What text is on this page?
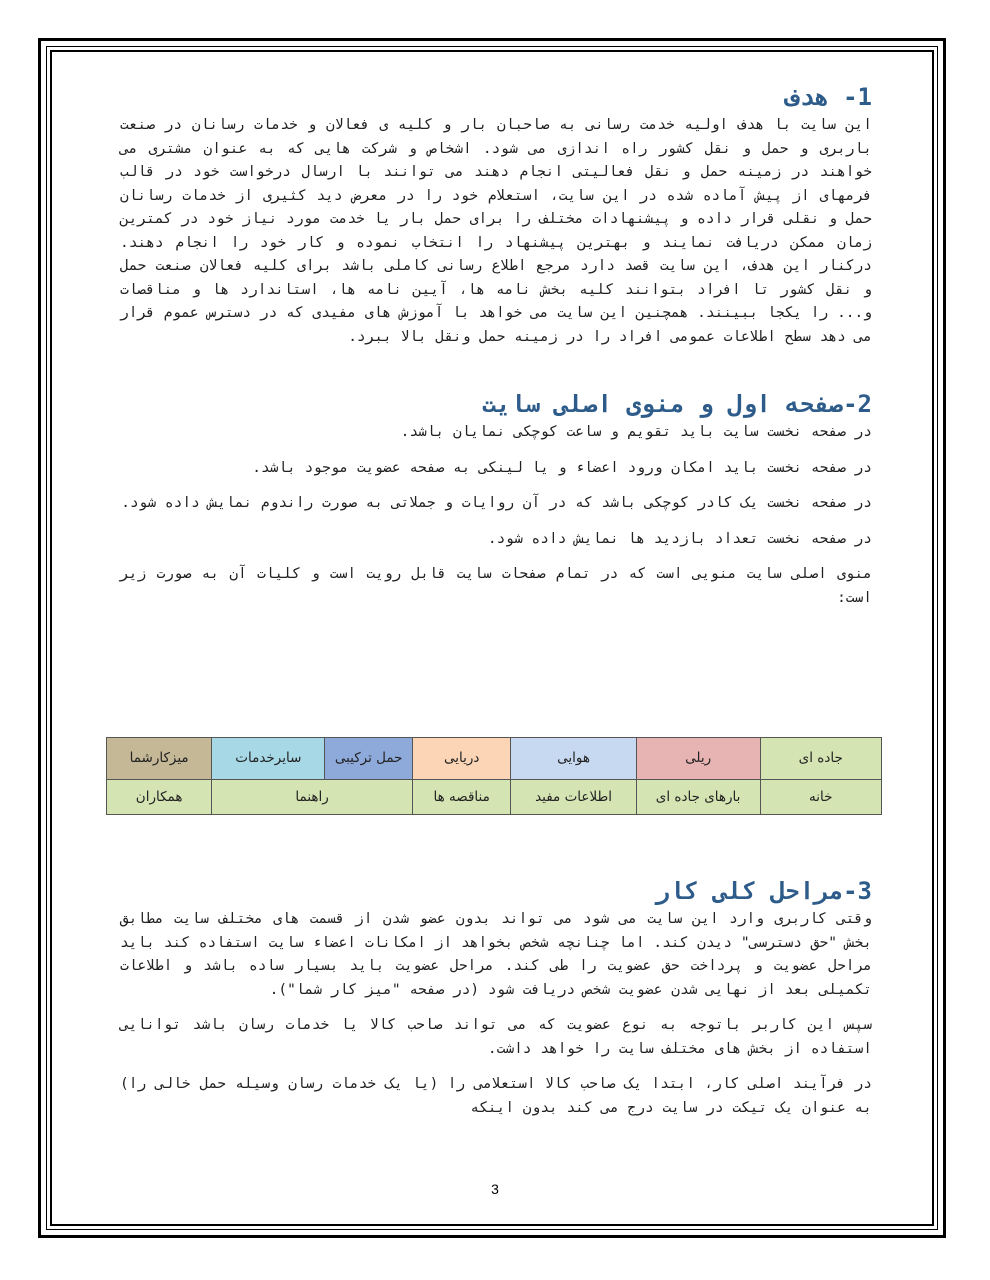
1- هدف

این سایت با هدف اولیه خدمت رسانی به صاحبان بار و کلیه ی فعالان و خدمات رسانان در صنعت باربری و حمل و نقل کشور راه اندازی می شود. اشخاص و شرکت هایی که به عنوان مشتری می خواهند در زمینه حمل و نقل فعالیتی انجام دهند می توانند با ارسال درخواست خود در قالب فرمهای از پیش آماده شده در این سایت، استعلام خود را در معرض دید کثیری از خدمات رسانان حمل و نقلی قرار داده و پیشنهادات مختلف را برای حمل بار یا خدمت مورد نیاز خود در کمترین زمان ممکن دریافت نمایند و بهترین پیشنهاد را انتخاب نموده و کار خود را انجام دهند. درکنار این هدف، این سایت قصد دارد مرجع اطلاع رسانی کاملی باشد برای کلیه فعالان صنعت حمل و نقل کشور تا افراد بتوانند کلیه بخش نامه ها، آیین نامه ها، استاندارد ها و مناقصات و... را یکجا ببینند. همچنین این سایت می خواهد با آموزش های مفیدی که در دسترس عموم قرار می دهد سطح اطلاعات عمومی افراد را در زمینه حمل ونقل بالا ببرد.

2-صفحه اول و منوی اصلی سایت

در صفحه نخست سایت باید تقویم و ساعت کوچکی نمایان باشد.

در صفحه نخست باید امکان ورود اعضاء و یا لینکی به صفحه عضویت موجود باشد.

در صفحه نخست یک کادر کوچکی باشد که در آن روایات و جملاتی به صورت راندوم نمایش داده شود.

در صفحه نخست تعداد بازدید ها نمایش داده شود.

منوی اصلی سایت منویی است که در تمام صفحات سایت قابل رویت است و کلیات آن به صورت زیر است:

جاده ای	ریلی	هوایی	دریایی	حمل ترکیبی	سایرخدمات	میزکارشما
خانه	بارهای جاده ای	اطلاعات مفید	مناقصه ها	راهنما		همکاران
3-مراحل کلی کار

وقتی کاربری وارد این سایت می شود می تواند بدون عضو شدن از قسمت های مختلف سایت مطابق بخش "حق دسترسی" دیدن کند. اما چنانچه شخص بخواهد از امکانات اعضاء سایت استفاده کند باید مراحل عضویت و پرداخت حق عضویت را طی کند. مراحل عضویت باید بسیار ساده باشد و اطلاعات تکمیلی بعد از نهایی شدن عضویت شخص دریافت شود (در صفحه "میز کار شما").

سپس این کاربر باتوجه به نوع عضویت که می تواند صاحب کالا یا خدمات رسان باشد توانایی استفاده از بخش های مختلف سایت را خواهد داشت.

در فرآیند اصلی کار، ابتدا یک صاحب کالا استعلامی را (یا یک خدمات رسان وسیله حمل خالی را) به عنوان یک تیکت در سایت درج می کند بدون اینکه

3
